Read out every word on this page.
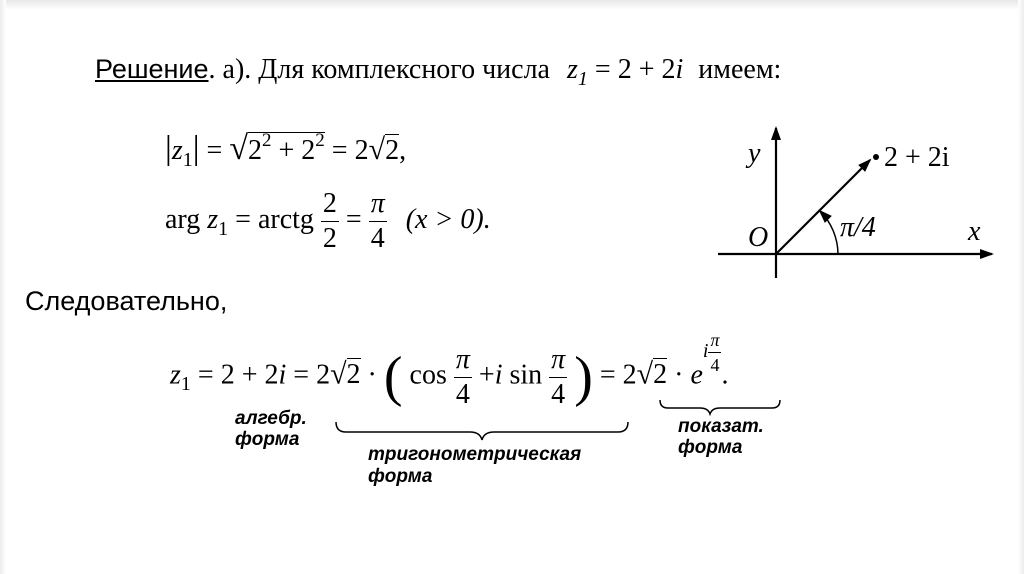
Решение. а). Для комплексного числа $z_1 = 2 + 2i$ имеем:
$|z_1| = √2^2 + 2^2 = 2√2$,
arg $z_1$ = arctg $\frac{2}{2} = \frac{\pi}{4} (x > 0)$.
Следовательно,
$z_1 = 2 + 2i = 2√2$ · ( $\cos \frac{\pi}{4} +i$ $\sin \frac{\pi}{4}$ ) = $2√2 \cdot e^{i \frac{\pi}{4}}$
.
алгебр.
форма
тригонометрическая
форма
показат.
форма
y
x
O
2 + 2i
π/4
